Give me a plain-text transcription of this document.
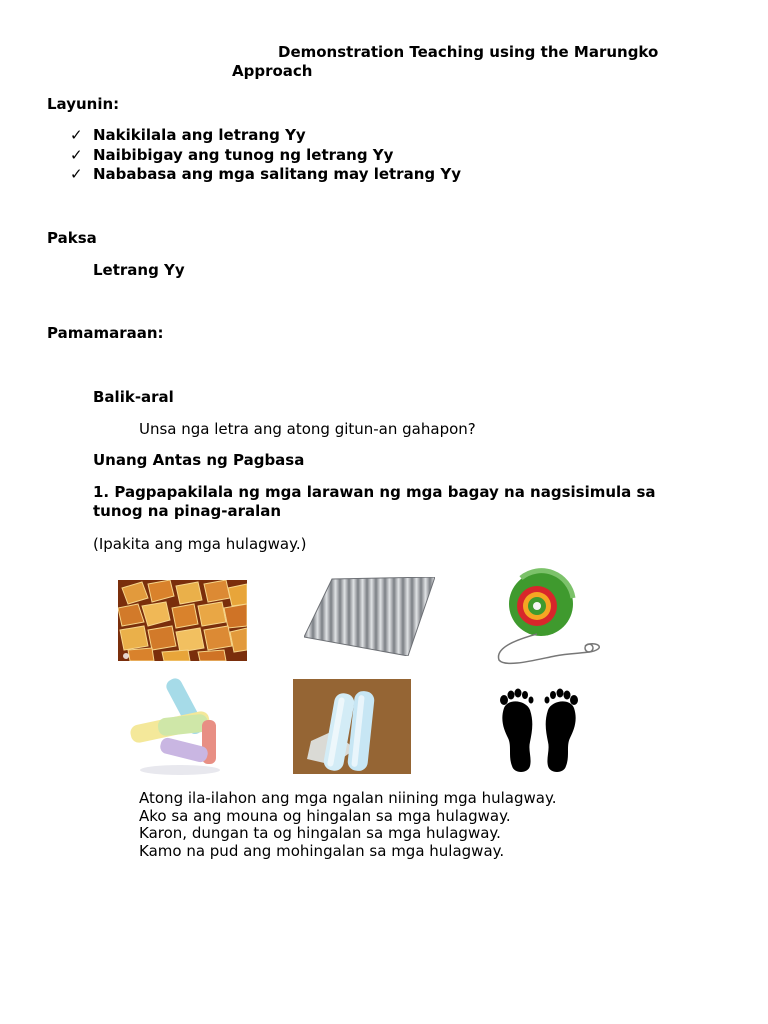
Demonstration Teaching using the Marungko

Approach

Layunin:

✓ Nakikilala ang letrang Yy
✓ Naibibigay ang tunog ng letrang Yy
✓ Nababasa ang mga salitang may letrang Yy

Paksa

Letrang Yy

Pamamaraan:

Balik-aral

Unsa nga letra ang atong gitun-an gahapon?

Unang Antas ng Pagbasa

1. Pagpapakilala ng mga larawan ng mga bagay na nagsisimula sa tunog na pinag-aralan

(Ipakita ang mga hulagway.)

Atong ila-ilahon ang mga ngalan niining mga hulagway.

Ako sa ang mouna og hingalan sa mga hulagway.

Karon, dungan ta og hingalan sa mga hulagway.

Kamo na pud ang mohingalan sa mga hulagway.
